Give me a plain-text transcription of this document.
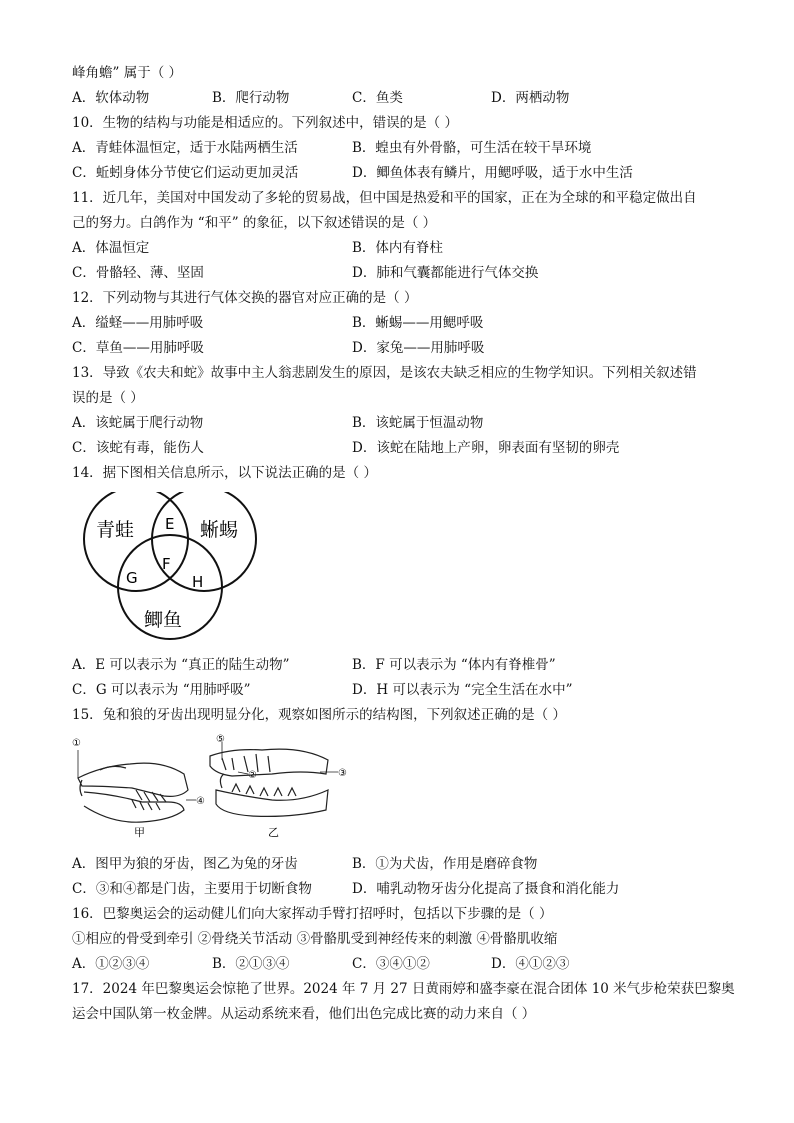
峰角蟾” 属于（ ）
A．软体动物	B．爬行动物	C．鱼类	D．两栖动物
10．生物的结构与功能是相适应的。下列叙述中，错误的是（ ）
A．青蛙体温恒定，适于水陆两栖生活	B．蝗虫有外骨骼，可生活在较干旱环境
C．蚯蚓身体分节使它们运动更加灵活	D．鲫鱼体表有鳞片，用鳃呼吸，适于水中生活
11．近几年，美国对中国发动了多轮的贸易战，但中国是热爱和平的国家，正在为全球的和平稳定做出自
己的努力。白鸽作为 “和平” 的象征，以下叙述错误的是（ ）
A．体温恒定	B．体内有脊柱
C．骨骼轻、薄、坚固	D．肺和气囊都能进行气体交换
12．下列动物与其进行气体交换的器官对应正确的是（ ）
A．缢蛏——用肺呼吸	B．蜥蜴——用鳃呼吸
C．草鱼——用肺呼吸	D．家兔——用肺呼吸
13．导致《农夫和蛇》故事中主人翁悲剧发生的原因，是该农夫缺乏相应的生物学知识。下列相关叙述错
误的是（ ）
A．该蛇属于爬行动物	B．该蛇属于恒温动物
C．该蛇有毒，能伤人	D．该蛇在陆地上产卵，卵表面有坚韧的卵壳
14．据下图相关信息所示，以下说法正确的是（ ）
青蛙	蜥蜴
鲫鱼
E
F
G	H
A．E 可以表示为 “真正的陆生动物”	B．F 可以表示为 “体内有脊椎骨”
C．G 可以表示为 “用肺呼吸”	D．H 可以表示为 “完全生活在水中”
15．兔和狼的牙齿出现明显分化，观察如图所示的结构图，下列叙述正确的是（ ）
①
④
甲
⑤
②	③
乙
A．图甲为狼的牙齿，图乙为兔的牙齿	B．①为犬齿，作用是磨碎食物
C．③和④都是门齿，主要用于切断食物	D．哺乳动物牙齿分化提高了摄食和消化能力
16．巴黎奥运会的运动健儿们向大家挥动手臂打招呼时，包括以下步骤的是（ ）
①相应的骨受到牵引 ②骨绕关节活动 ③骨骼肌受到神经传来的刺激 ④骨骼肌收缩
A．①②③④	B．②①③④	C．③④①②	D．④①②③
17．2024 年巴黎奥运会惊艳了世界。2024 年 7 月 27 日黄雨婷和盛李豪在混合团体 10 米气步枪荣获巴黎奥
运会中国队第一枚金牌。从运动系统来看，他们出色完成比赛的动力来自（ ）
